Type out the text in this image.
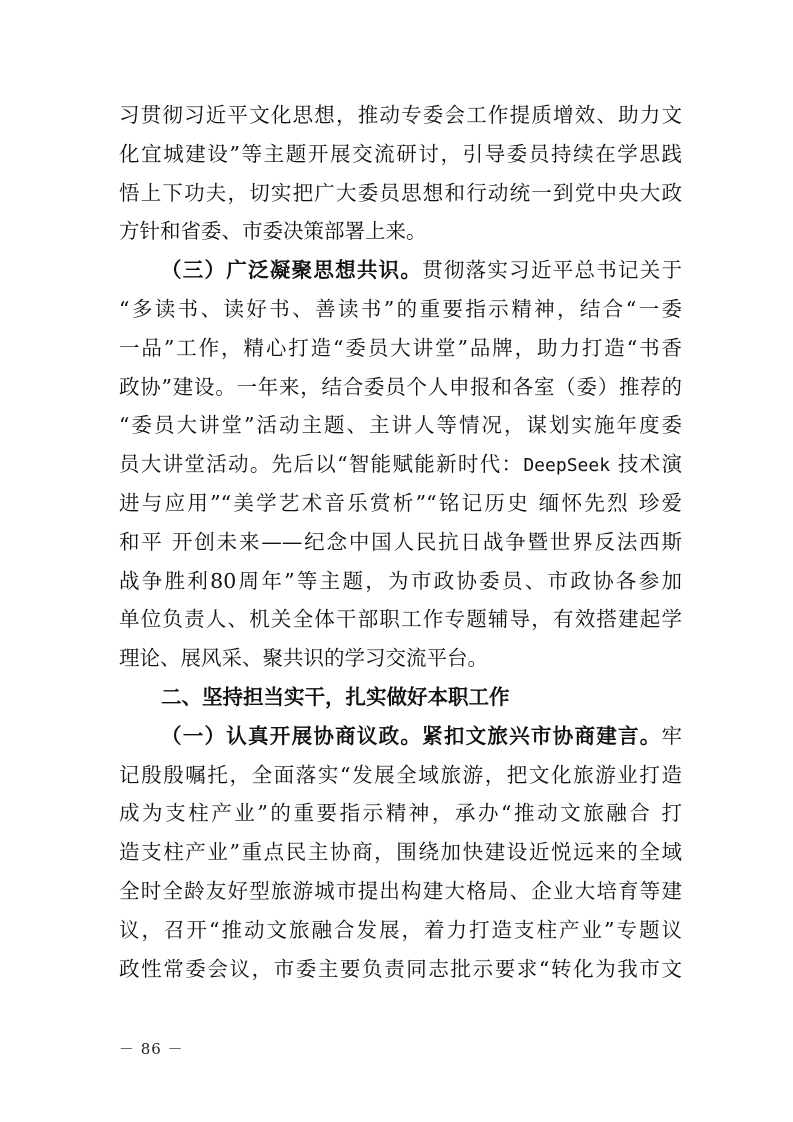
习贯彻习近平文化思想，推动专委会工作提质增效、助力文
化宜城建设”等主题开展交流研讨，引导委员持续在学思践
悟上下功夫，切实把广大委员思想和行动统一到党中央大政
方针和省委、市委决策部署上来。
（三）广泛凝聚思想共识。贯彻落实习近平总书记关于
“多读书、读好书、善读书”的重要指示精神，结合“一委
一品”工作，精心打造“委员大讲堂”品牌，助力打造“书香
政协”建设。一年来，结合委员个人申报和各室（委）推荐的
“委员大讲堂”活动主题、主讲人等情况，谋划实施年度委
员大讲堂活动。先后以“智能赋能新时代：DeepSeek 技术演
进与应用”“美学艺术音乐赏析”“铭记历史 缅怀先烈 珍爱
和平 开创未来——纪念中国人民抗日战争暨世界反法西斯
战争胜利80周年”等主题，为市政协委员、市政协各参加
单位负责人、机关全体干部职工作专题辅导，有效搭建起学
理论、展风采、聚共识的学习交流平台。
二、坚持担当实干，扎实做好本职工作
（一）认真开展协商议政。紧扣文旅兴市协商建言。牢
记殷殷嘱托，全面落实“发展全域旅游，把文化旅游业打造
成为支柱产业”的重要指示精神，承办“推动文旅融合 打
造支柱产业”重点民主协商，围绕加快建设近悦远来的全域
全时全龄友好型旅游城市提出构建大格局、企业大培育等建
议，召开“推动文旅融合发展，着力打造支柱产业”专题议
政性常委会议，市委主要负责同志批示要求“转化为我市文
－ 86 －
